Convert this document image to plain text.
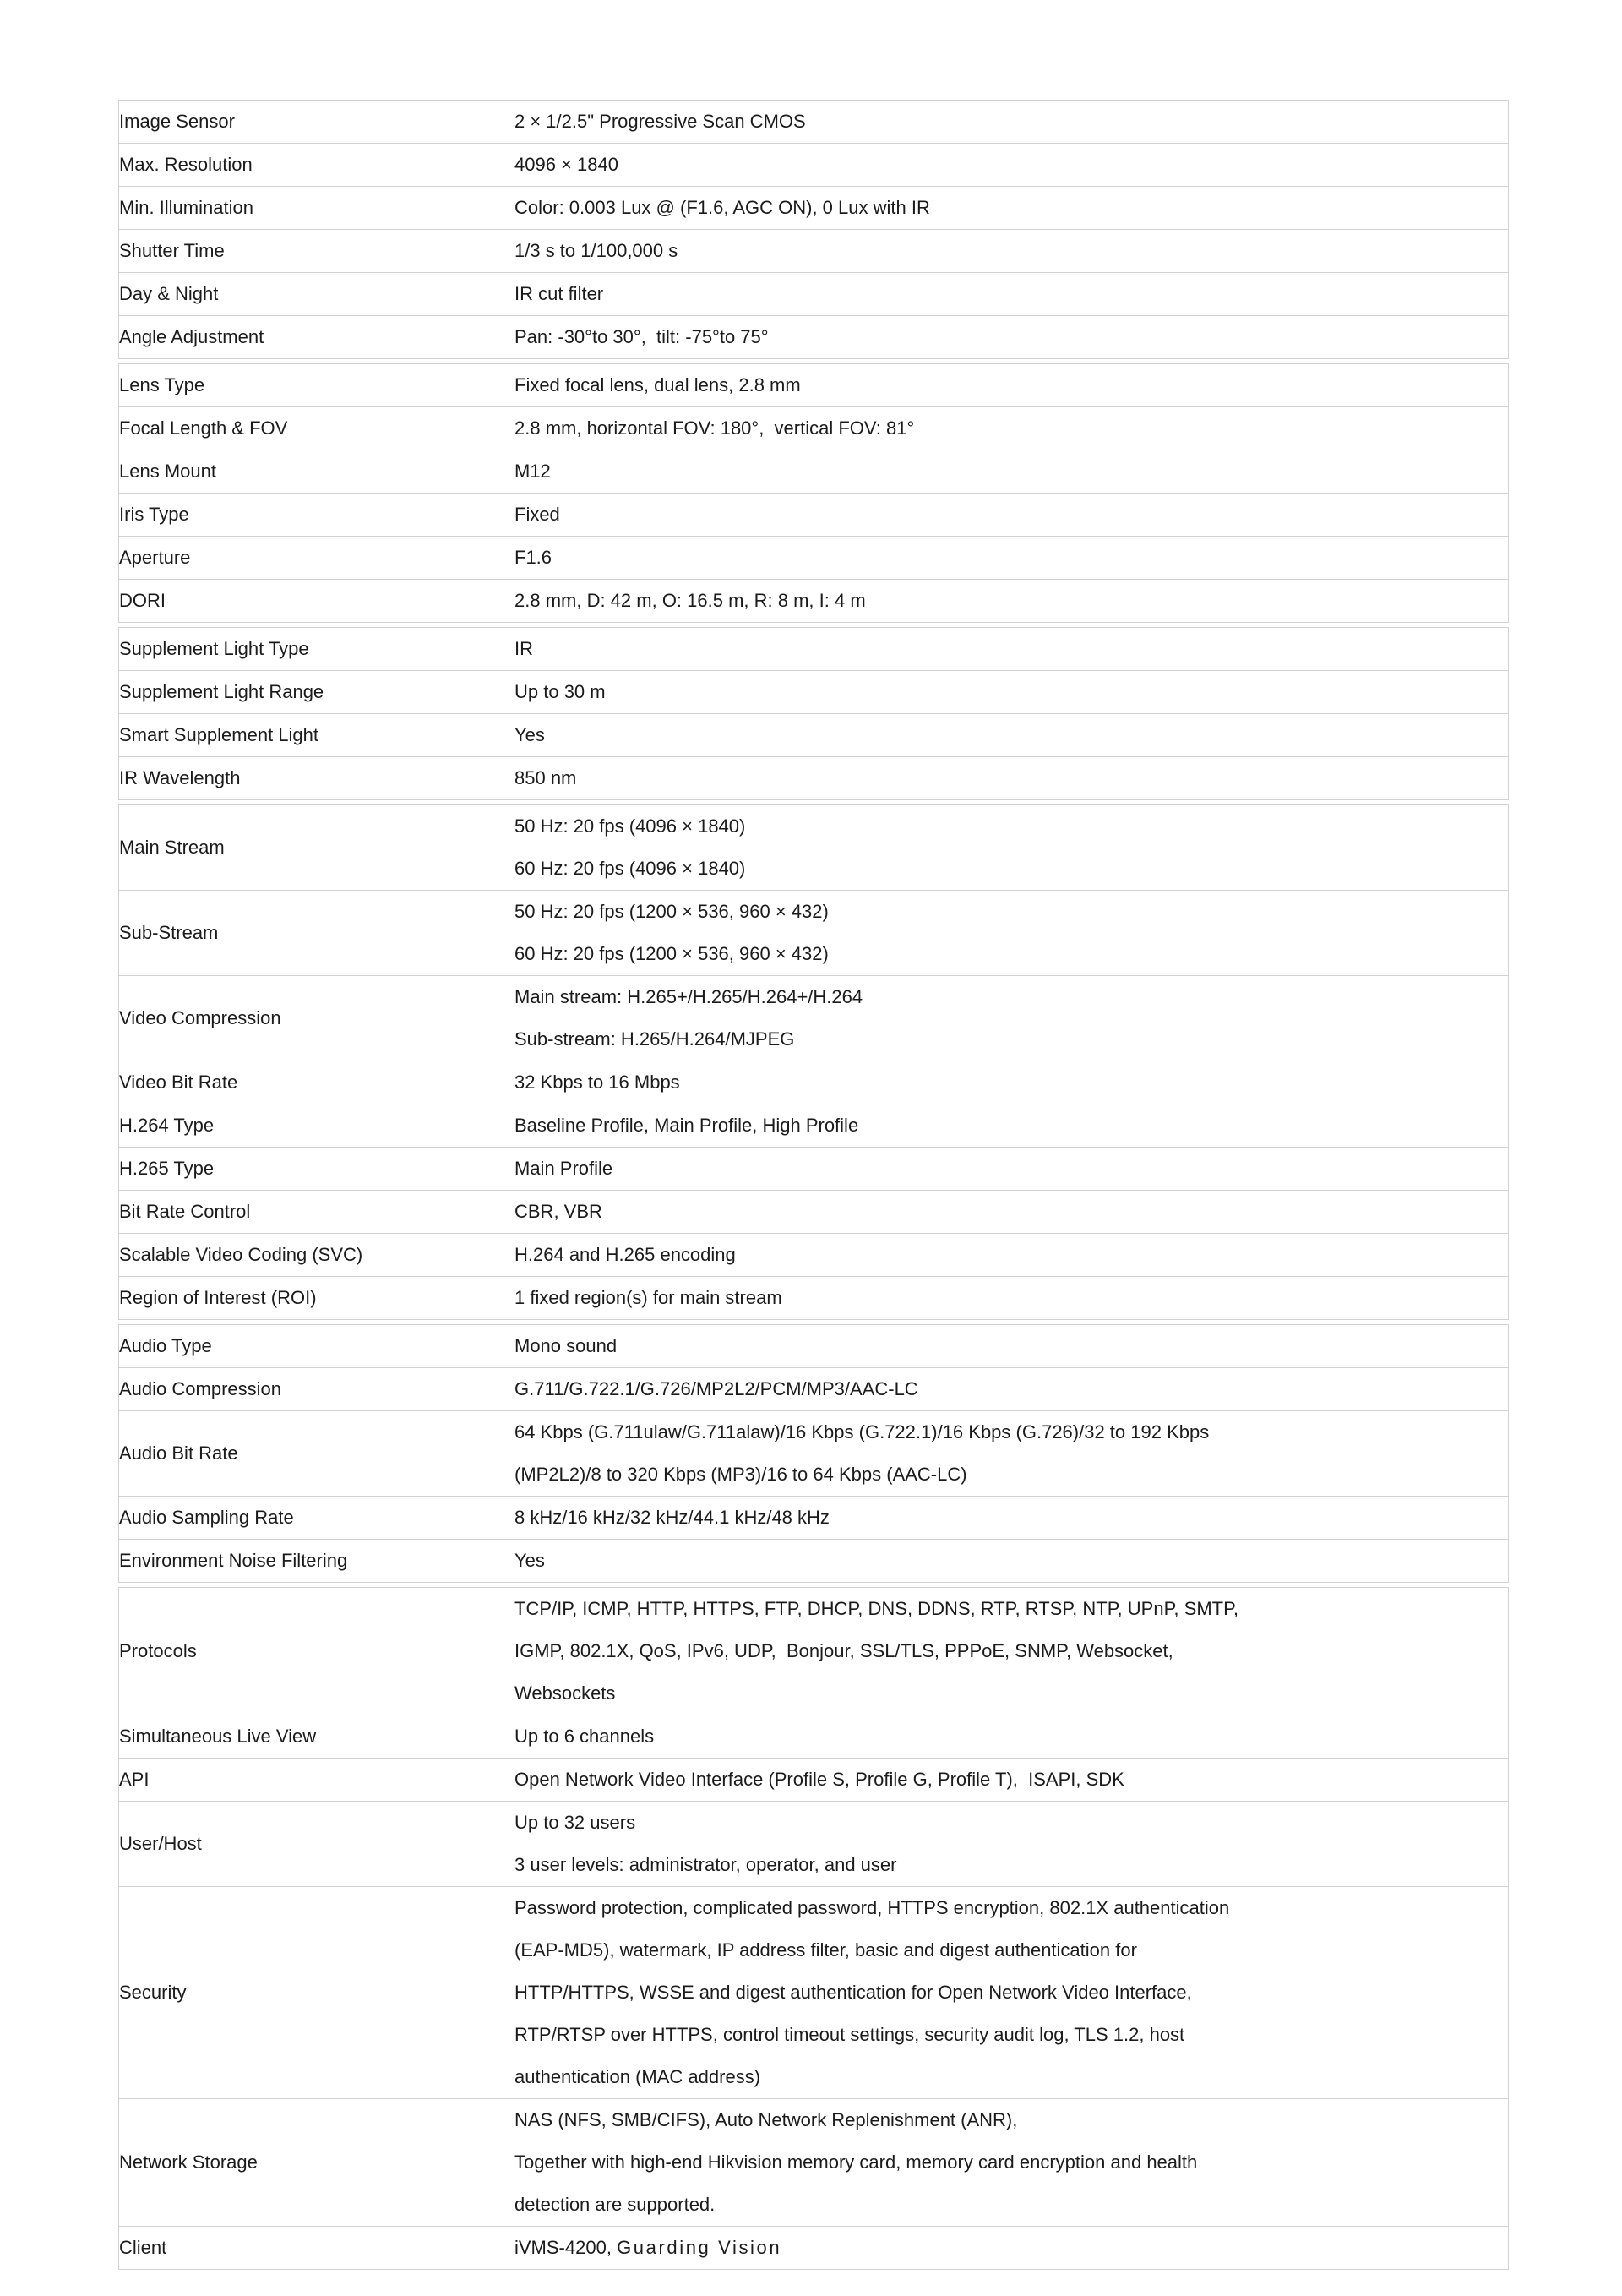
Image Sensor	2 × 1/2.5" Progressive Scan CMOS

Max. Resolution	4096 × 1840

Min. Illumination	Color: 0.003 Lux @ (F1.6, AGC ON), 0 Lux with IR

Shutter Time	1/3 s to 1/100,000 s

Day & Night	IR cut filter

Angle Adjustment	Pan: -30°to 30°,  tilt: -75°to 75°
Lens Type	Fixed focal lens, dual lens, 2.8 mm

Focal Length & FOV	2.8 mm, horizontal FOV: 180°,  vertical FOV: 81°

Lens Mount	M12

Iris Type	Fixed

Aperture	F1.6

DORI	2.8 mm, D: 42 m, O: 16.5 m, R: 8 m, I: 4 m
Supplement Light Type	IR

Supplement Light Range	Up to 30 m

Smart Supplement Light	Yes

IR Wavelength	850 nm
Main Stream	50 Hz: 20 fps (4096 × 1840)
60 Hz: 20 fps (4096 × 1840)

Sub-Stream	50 Hz: 20 fps (1200 × 536, 960 × 432)
60 Hz: 20 fps (1200 × 536, 960 × 432)

Video Compression	Main stream: H.265+/H.265/H.264+/H.264
Sub-stream: H.265/H.264/MJPEG

Video Bit Rate	32 Kbps to 16 Mbps

H.264 Type	Baseline Profile, Main Profile, High Profile

H.265 Type	Main Profile

Bit Rate Control	CBR, VBR

Scalable Video Coding (SVC)	H.264 and H.265 encoding

Region of Interest (ROI)	1 fixed region(s) for main stream
Audio Type	Mono sound

Audio Compression	G.711/G.722.1/G.726/MP2L2/PCM/MP3/AAC-LC

Audio Bit Rate	64 Kbps (G.711ulaw/G.711alaw)/16 Kbps (G.722.1)/16 Kbps (G.726)/32 to 192 Kbps
(MP2L2)/8 to 320 Kbps (MP3)/16 to 64 Kbps (AAC-LC)

Audio Sampling Rate	8 kHz/16 kHz/32 kHz/44.1 kHz/48 kHz

Environment Noise Filtering	Yes
Protocols	TCP/IP, ICMP, HTTP, HTTPS, FTP, DHCP, DNS, DDNS, RTP, RTSP, NTP, UPnP, SMTP,
IGMP, 802.1X, QoS, IPv6, UDP,  Bonjour, SSL/TLS, PPPoE, SNMP, Websocket,
Websockets

Simultaneous Live View	Up to 6 channels

API	Open Network Video Interface (Profile S, Profile G, Profile T),  ISAPI, SDK

User/Host	Up to 32 users
3 user levels: administrator, operator, and user

Security	Password protection, complicated password, HTTPS encryption, 802.1X authentication
(EAP-MD5), watermark, IP address filter, basic and digest authentication for
HTTP/HTTPS, WSSE and digest authentication for Open Network Video Interface,
RTP/RTSP over HTTPS, control timeout settings, security audit log, TLS 1.2, host
authentication (MAC address)

Network Storage	NAS (NFS, SMB/CIFS), Auto Network Replenishment (ANR),
Together with high-end Hikvision memory card, memory card encryption and health
detection are supported.

Client	iVMS-4200, Guarding Vision
